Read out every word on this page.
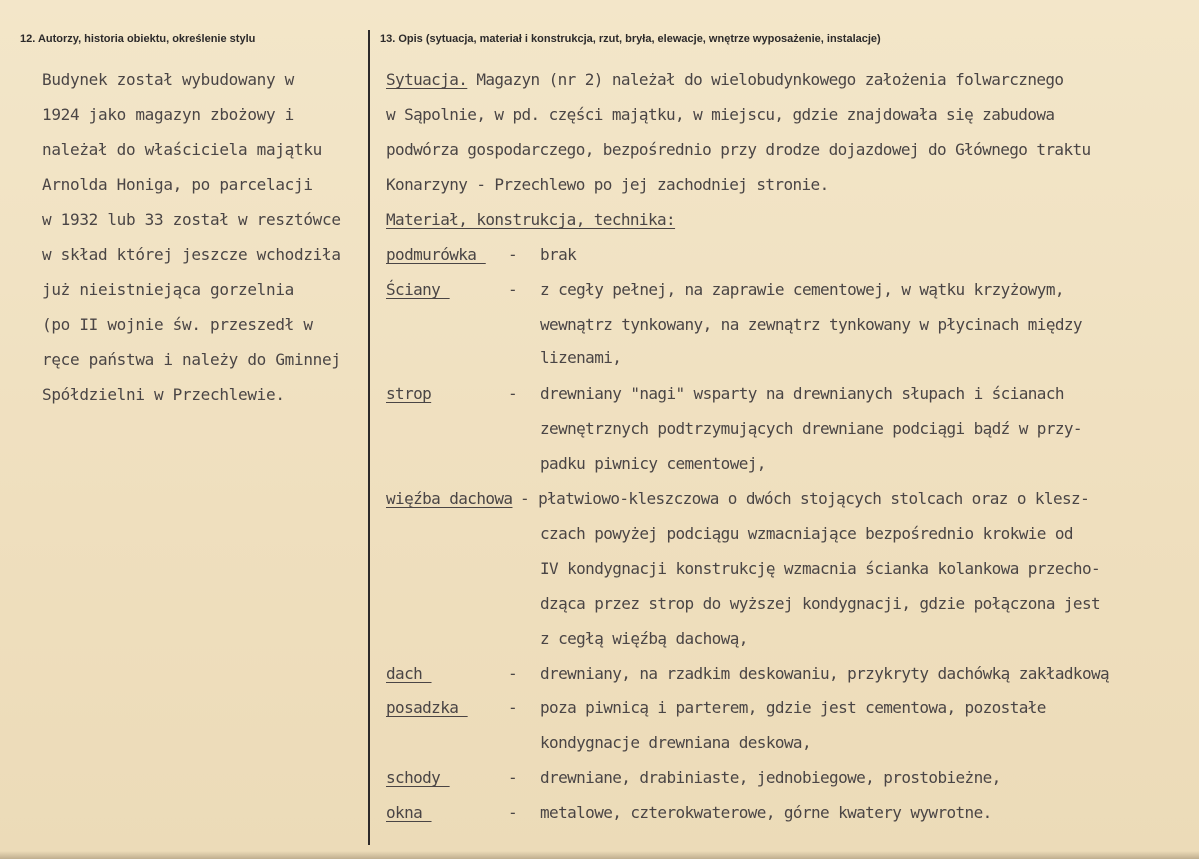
12. Autorzy, historia obiektu, określenie stylu	13. Opis (sytuacja, materiał i konstrukcja, rzut, bryła, elewacje, wnętrze wyposażenie, instalacje)
Budynek został wybudowany w
1924 jako magazyn zbożowy i
należał do właściciela majątku
Arnolda Honiga, po parcelacji
w 1932 lub 33 został w resztówce
w skład której jeszcze wchodziła
już nieistniejąca gorzelnia
(po II wojnie św. przeszedł w
ręce państwa i należy do Gminnej
Spółdzielni w Przechlewie.
Sytuacja. Magazyn (nr 2) należał do wielobudynkowego założenia folwarcznego
w Sąpolnie, w pd. części majątku, w miejscu, gdzie znajdowała się zabudowa
podwórza gospodarczego, bezpośrednio przy drodze dojazdowej do Głównego traktu
Konarzyny - Przechlewo po jej zachodniej stronie.
Materiał, konstrukcja, technika:
podmurówka_ - brak
Ściany_	- z cegły pełnej, na zaprawie cementowej, w wątku krzyżowym,
wewnątrz tynkowany, na zewnątrz tynkowany w płycinach między
lizenami,
strop	- drewniany "nagi" wsparty na drewnianych słupach i ścianach
zewnętrznych podtrzymujących drewniane podciągi bądź w przy-
padku piwnicy cementowej,
więźba dachowa - płatwiowo-kleszczowa o dwóch stojących stolcach oraz o klesz-
czach powyżej podciągu wzmacniające bezpośrednio krokwie od
IV kondygnacji konstrukcję wzmacnia ścianka kolankowa przecho-
dząca przez strop do wyższej kondygnacji, gdzie połączona jest
z cegłą więźbą dachową,
dach_	- drewniany, na rzadkim deskowaniu, przykryty dachówką zakładkową
posadzka_	- poza piwnicą i parterem, gdzie jest cementowa, pozostałe
kondygnacje drewniana deskowa,
schody_	- drewniane, drabiniaste, jednobiegowe, prostobieżne,
okna_	- metalowe, czterokwaterowe, górne kwatery wywrotne.
